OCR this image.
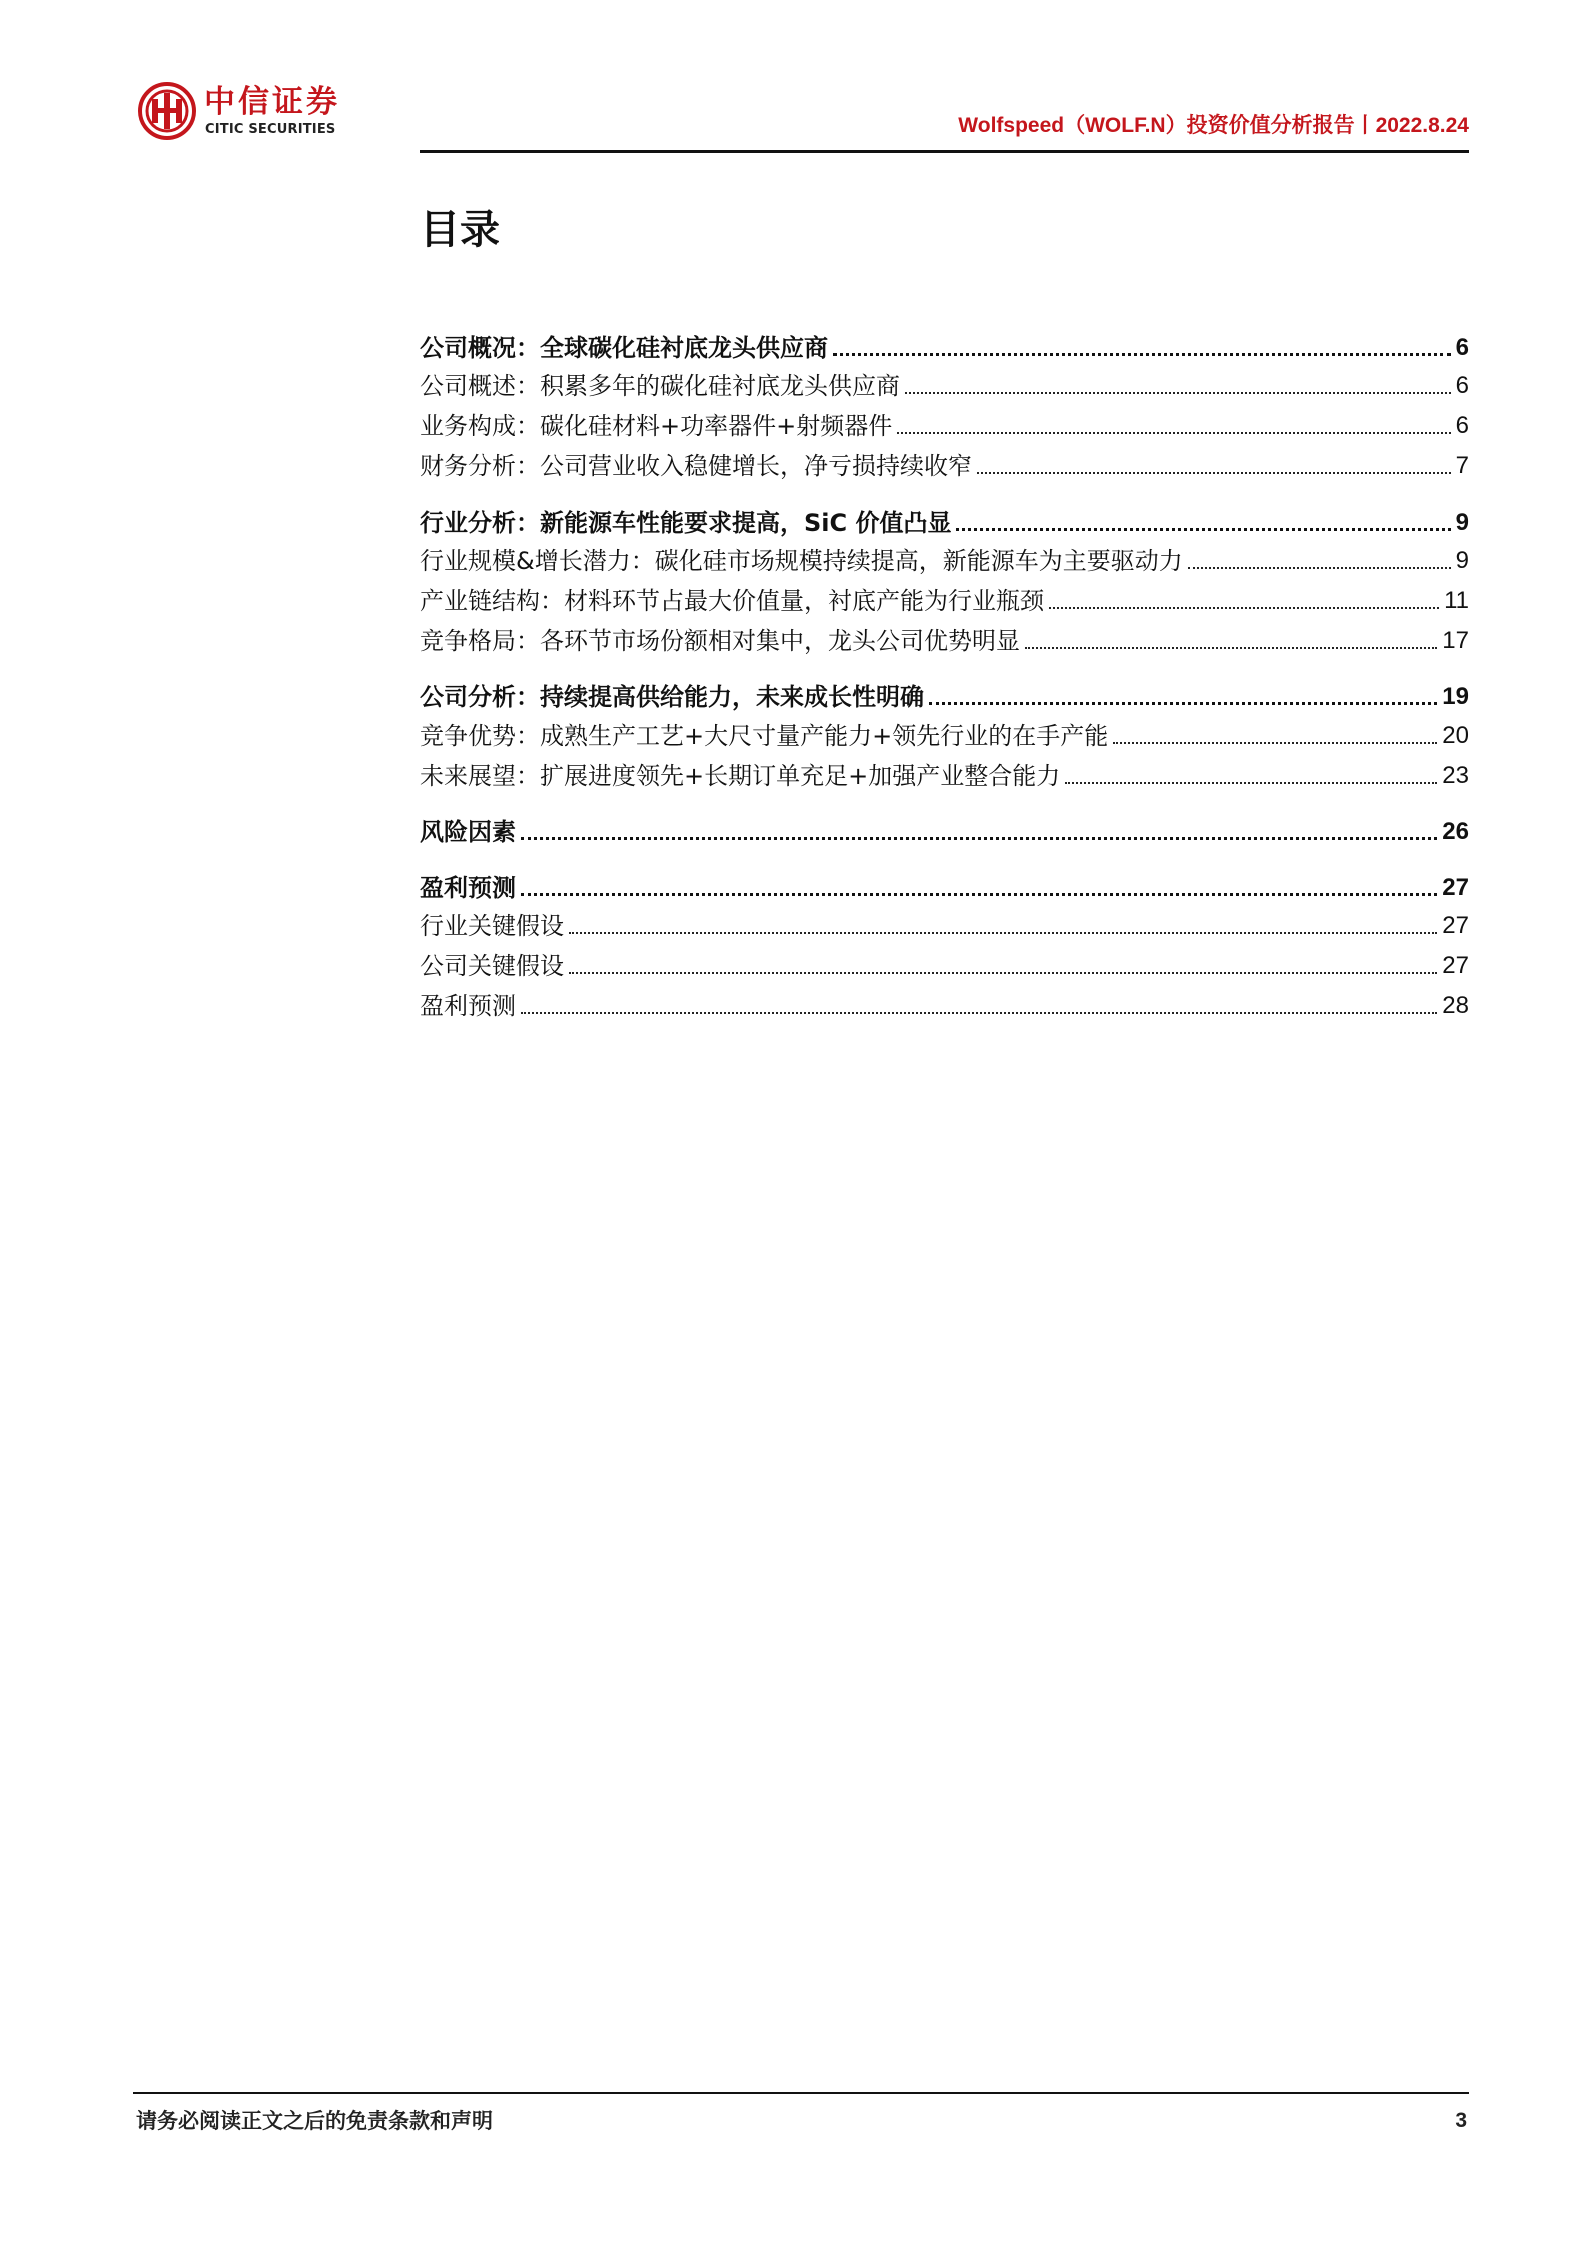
中信证券
CITIC SECURITIES	Wolfspeed（WOLF.N）投资价值分析报告丨2022.8.24
目录
公司概况：全球碳化硅衬底龙头供应商	6
公司概述：积累多年的碳化硅衬底龙头供应商	6
业务构成：碳化硅材料+功率器件+射频器件	6
财务分析：公司营业收入稳健增长，净亏损持续收窄	7
行业分析：新能源车性能要求提高，SiC 价值凸显	9
行业规模&增长潜力：碳化硅市场规模持续提高，新能源车为主要驱动力	9
产业链结构：材料环节占最大价值量，衬底产能为行业瓶颈	11
竞争格局：各环节市场份额相对集中，龙头公司优势明显	17
公司分析：持续提高供给能力，未来成长性明确	19
竞争优势：成熟生产工艺+大尺寸量产能力+领先行业的在手产能	20
未来展望：扩展进度领先+长期订单充足+加强产业整合能力	23
风险因素	26
盈利预测	27
行业关键假设	27
公司关键假设	27
盈利预测	28
请务必阅读正文之后的免责条款和声明	3
